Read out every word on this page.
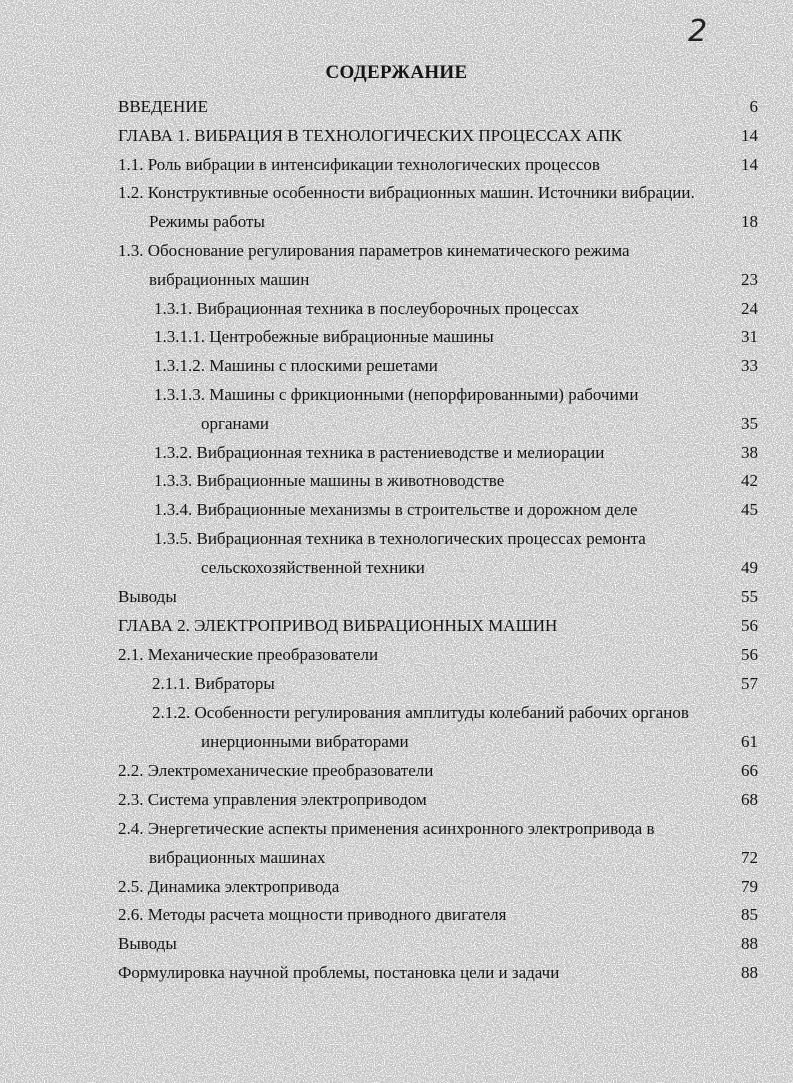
2
СОДЕРЖАНИЕ
ВВЕДЕНИЕ	6
ГЛАВА 1. ВИБРАЦИЯ В ТЕХНОЛОГИЧЕСКИХ ПРОЦЕССАХ АПК	14
1.1. Роль вибрации в интенсификации технологических процессов	14
1.2. Конструктивные особенности вибрационных машин. Источники вибрации.
Режимы работы	18
1.3. Обоснование регулирования параметров кинематического режима
вибрационных машин	23
1.3.1. Вибрационная техника в послеуборочных процессах	24
1.3.1.1. Центробежные вибрационные машины	31
1.3.1.2. Машины с плоскими решетами	33
1.3.1.3. Машины с фрикционными (непорфированными) рабочими
органами	35
1.3.2. Вибрационная техника в растениеводстве и мелиорации	38
1.3.3. Вибрационные машины в животноводстве	42
1.3.4. Вибрационные механизмы в строительстве и дорожном деле	45
1.3.5. Вибрационная техника в технологических процессах ремонта
сельскохозяйственной техники	49
Выводы	55
ГЛАВА 2. ЭЛЕКТРОПРИВОД ВИБРАЦИОННЫХ МАШИН	56
2.1. Механические преобразователи	56
2.1.1. Вибраторы	57
2.1.2. Особенности регулирования амплитуды колебаний рабочих органов
инерционными вибраторами	61
2.2. Электромеханические преобразователи	66
2.3. Система управления электроприводом	68
2.4. Энергетические аспекты применения асинхронного электропривода в
вибрационных машинах	72
2.5. Динамика электропривода	79
2.6. Методы расчета мощности приводного двигателя	85
Выводы	88
Формулировка научной проблемы, постановка цели и задачи	88
